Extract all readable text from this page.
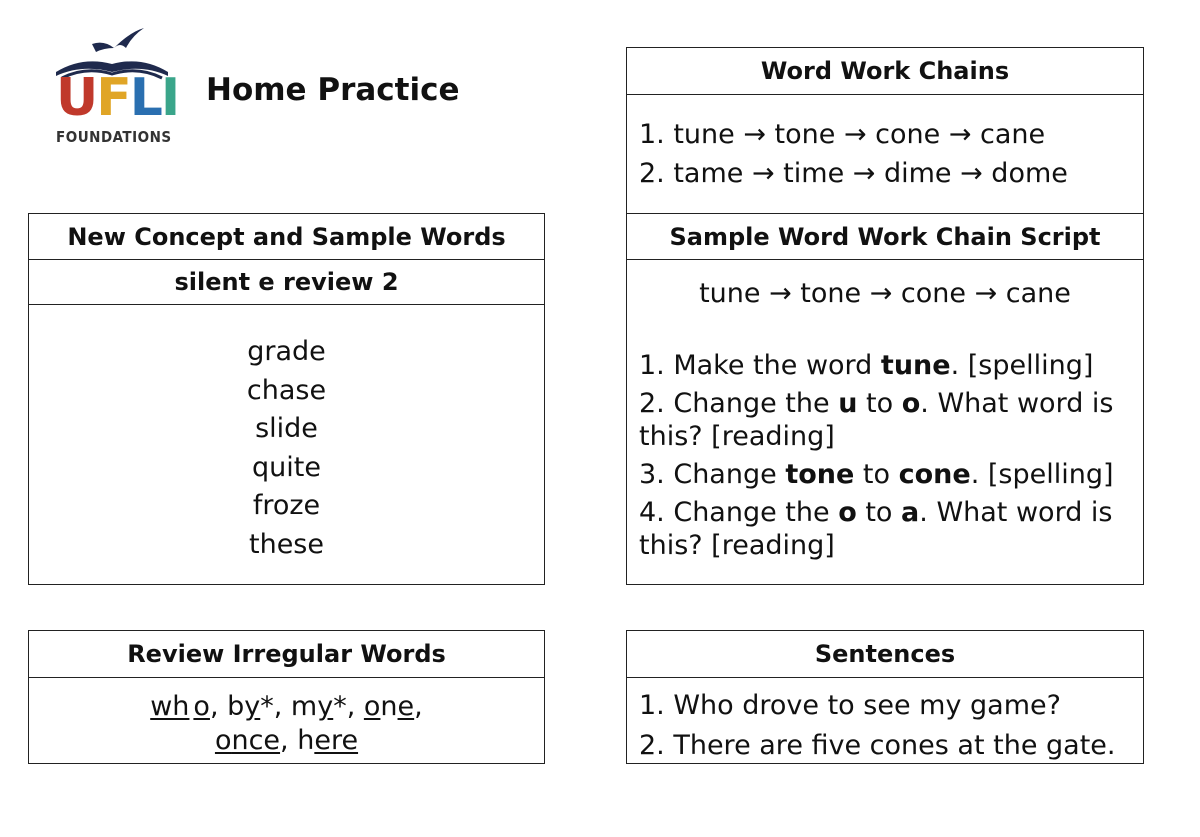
UFLI
FOUNDATIONS
Home Practice
New Concept and Sample Words
silent e review 2
grade
chase
slide
quite
froze
these
Word Work Chains
1. tune → tone → cone → cane
2. tame → time → dime → dome
Sample Word Work Chain Script
tune → tone → cone → cane
1. Make the word tune. [spelling]
2. Change the u to o. What word is this? [reading]
3. Change tone to cone. [spelling]
4. Change the o to a. What word is this? [reading]
Review Irregular Words
wh o, by*, my*, one,
once, here
Sentences
1. Who drove to see my game?
2. There are five cones at the gate.
